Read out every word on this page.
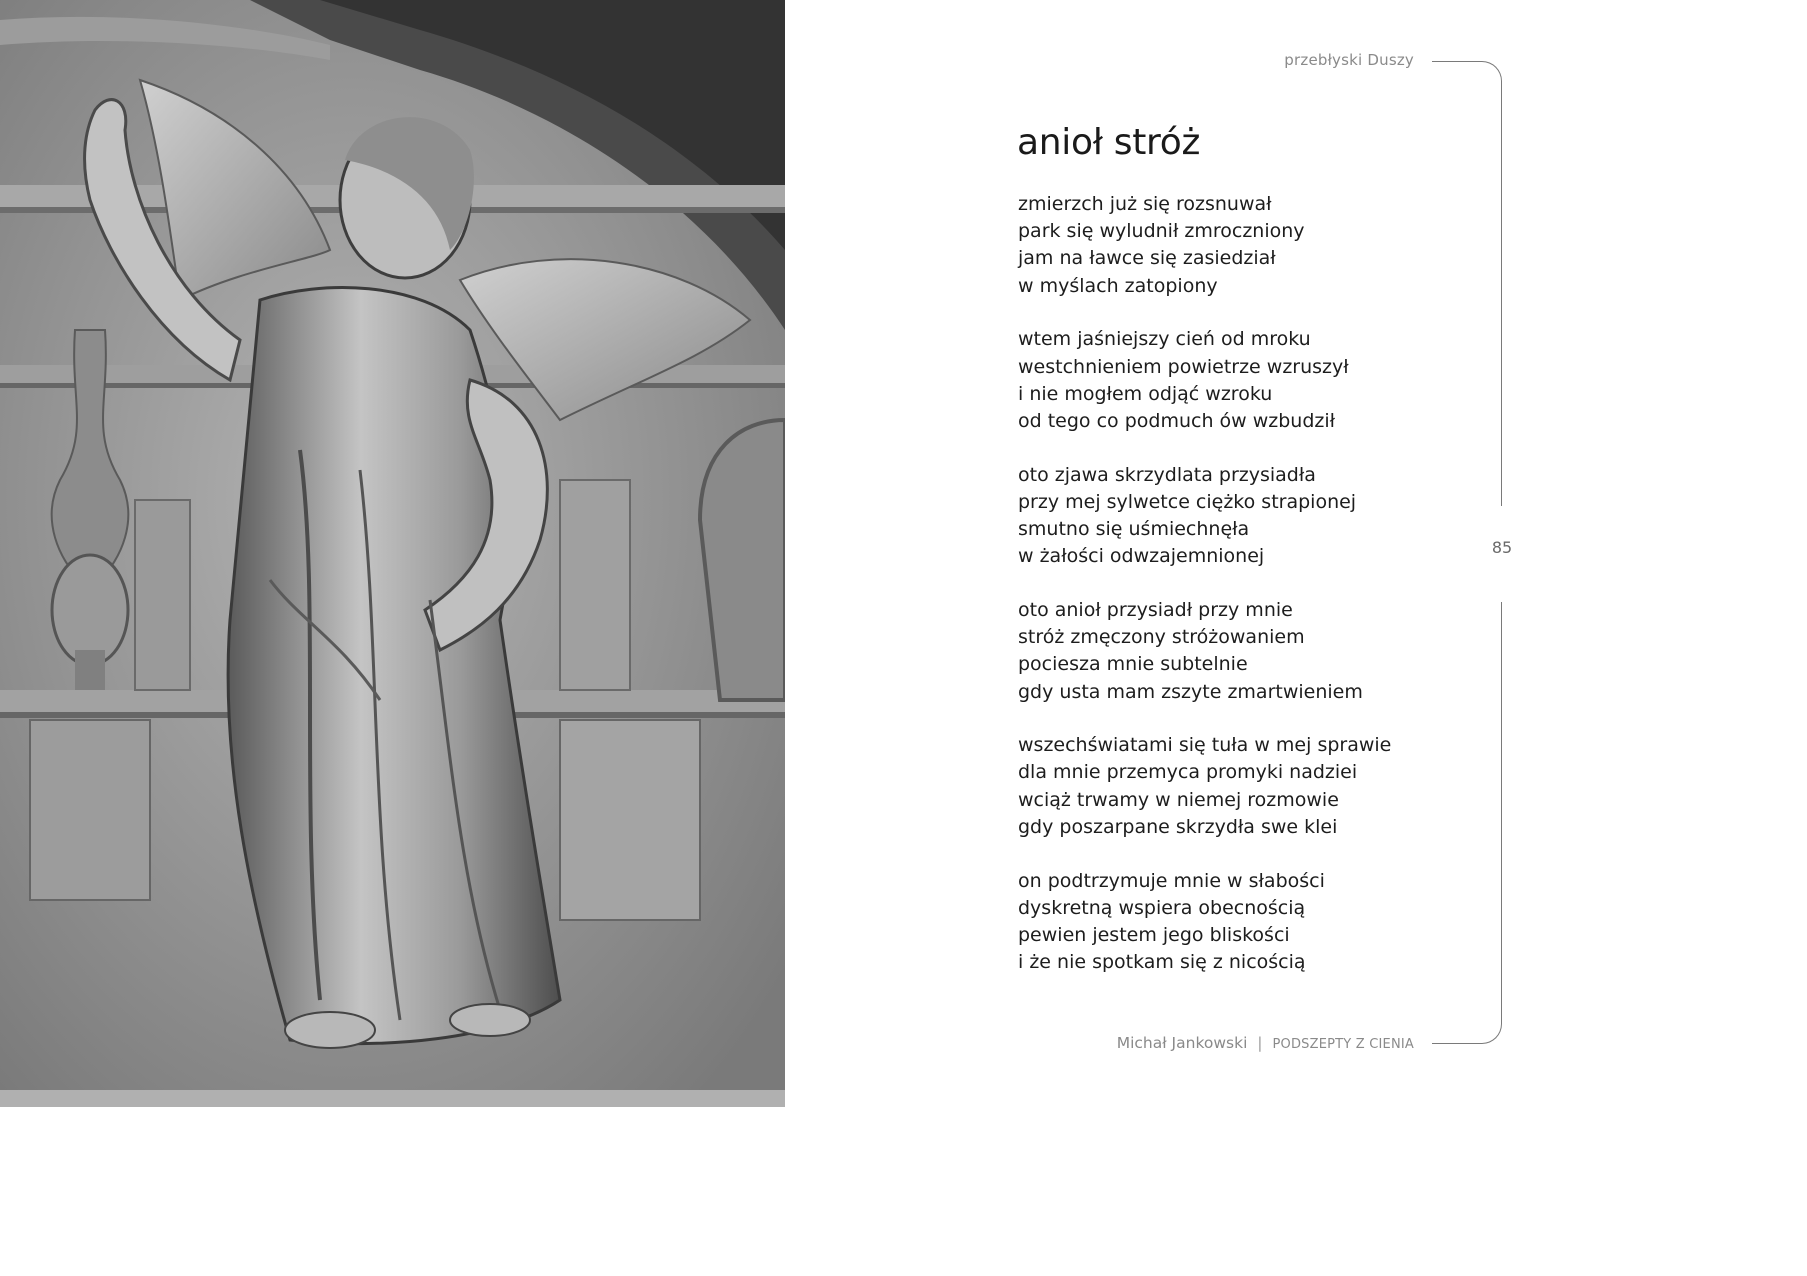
przebłyski Duszy
85
anioł stróż
zmierzch już się rozsnuwał
park się wyludnił zmroczniony
jam na ławce się zasiedział
w myślach zatopiony
wtem jaśniejszy cień od mroku
westchnieniem powietrze wzruszył
i nie mogłem odjąć wzroku
od tego co podmuch ów wzbudził
oto zjawa skrzydlata przysiadła
przy mej sylwetce ciężko strapionej
smutno się uśmiechnęła
w żałości odwzajemnionej
oto anioł przysiadł przy mnie
stróż zmęczony stróżowaniem
pociesza mnie subtelnie
gdy usta mam zszyte zmartwieniem
wszechświatami się tuła w mej sprawie
dla mnie przemyca promyki nadziei
wciąż trwamy w niemej rozmowie
gdy poszarpane skrzydła swe klei
on podtrzymuje mnie w słabości
dyskretną wspiera obecnością
pewien jestem jego bliskości
i że nie spotkam się z nicością
Michał Jankowski | PODSZEPTY Z CIENIA
